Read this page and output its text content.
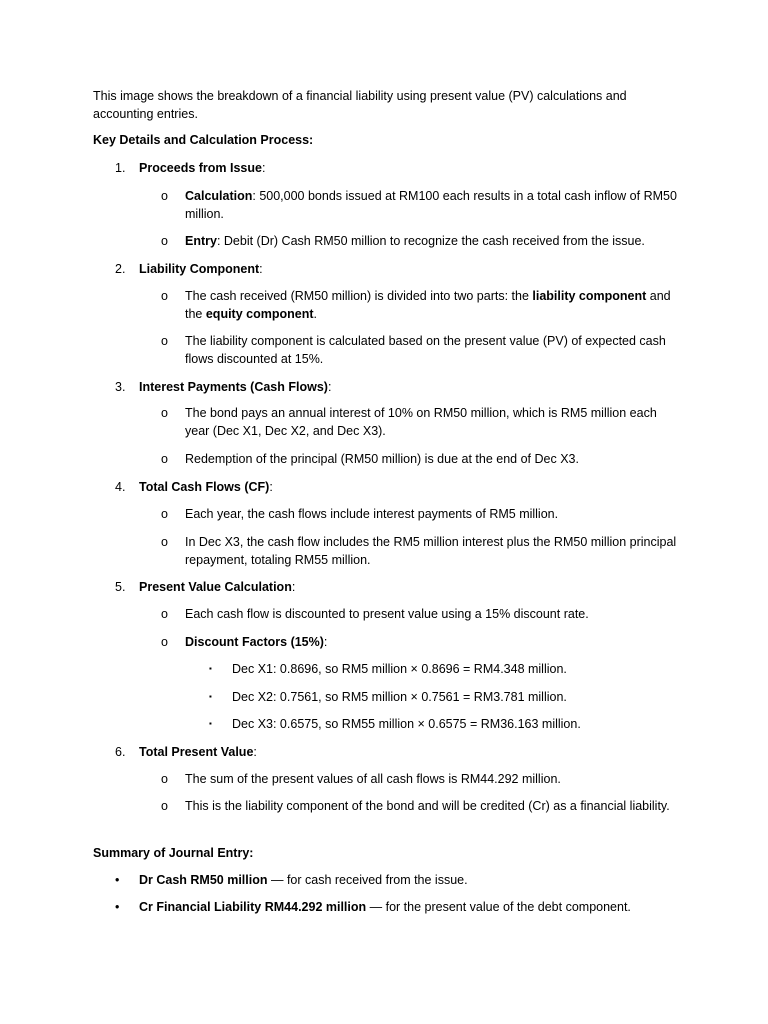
This image shows the breakdown of a financial liability using present value (PV) calculations and accounting entries.

Key Details and Calculation Process:

1. Proceeds from Issue:

o Calculation: 500,000 bonds issued at RM100 each results in a total cash inflow of RM50 million.

o Entry: Debit (Dr) Cash RM50 million to recognize the cash received from the issue.

2. Liability Component:

o The cash received (RM50 million) is divided into two parts: the liability component and the equity component.

o The liability component is calculated based on the present value (PV) of expected cash flows discounted at 15%.

3. Interest Payments (Cash Flows):

o The bond pays an annual interest of 10% on RM50 million, which is RM5 million each year (Dec X1, Dec X2, and Dec X3).

o Redemption of the principal (RM50 million) is due at the end of Dec X3.

4. Total Cash Flows (CF):

o Each year, the cash flows include interest payments of RM5 million.

o In Dec X3, the cash flow includes the RM5 million interest plus the RM50 million principal repayment, totaling RM55 million.

5. Present Value Calculation:

o Each cash flow is discounted to present value using a 15% discount rate.

o Discount Factors (15%):

▪ Dec X1: 0.8696, so RM5 million × 0.8696 = RM4.348 million.

▪ Dec X2: 0.7561, so RM5 million × 0.7561 = RM3.781 million.

▪ Dec X3: 0.6575, so RM55 million × 0.6575 = RM36.163 million.

6. Total Present Value:

o The sum of the present values of all cash flows is RM44.292 million.

o This is the liability component of the bond and will be credited (Cr) as a financial liability.

Summary of Journal Entry:

• Dr Cash RM50 million — for cash received from the issue.

• Cr Financial Liability RM44.292 million — for the present value of the debt component.
